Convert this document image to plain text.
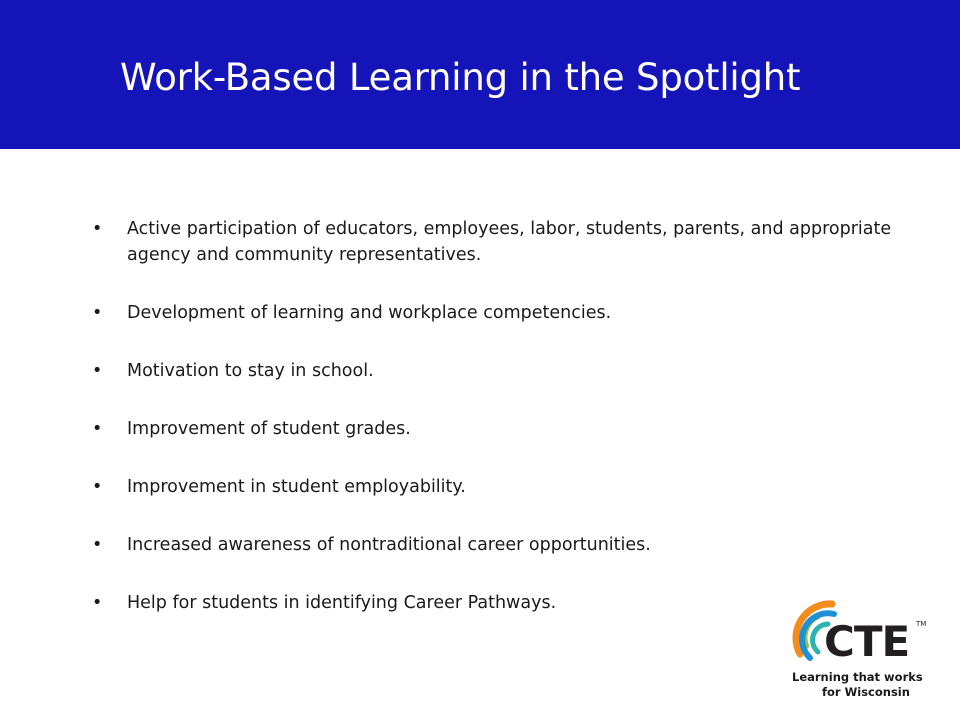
Work-Based Learning in the Spotlight
• Active participation of educators, employees, labor, students, parents, and appropriate agency and community representatives.
• Development of learning and workplace competencies.
• Motivation to stay in school.
• Improvement of student grades.
• Improvement in student employability.
• Increased awareness of nontraditional career opportunities.
• Help for students in identifying Career Pathways.
CTE TM
Learning that works
for Wisconsin
